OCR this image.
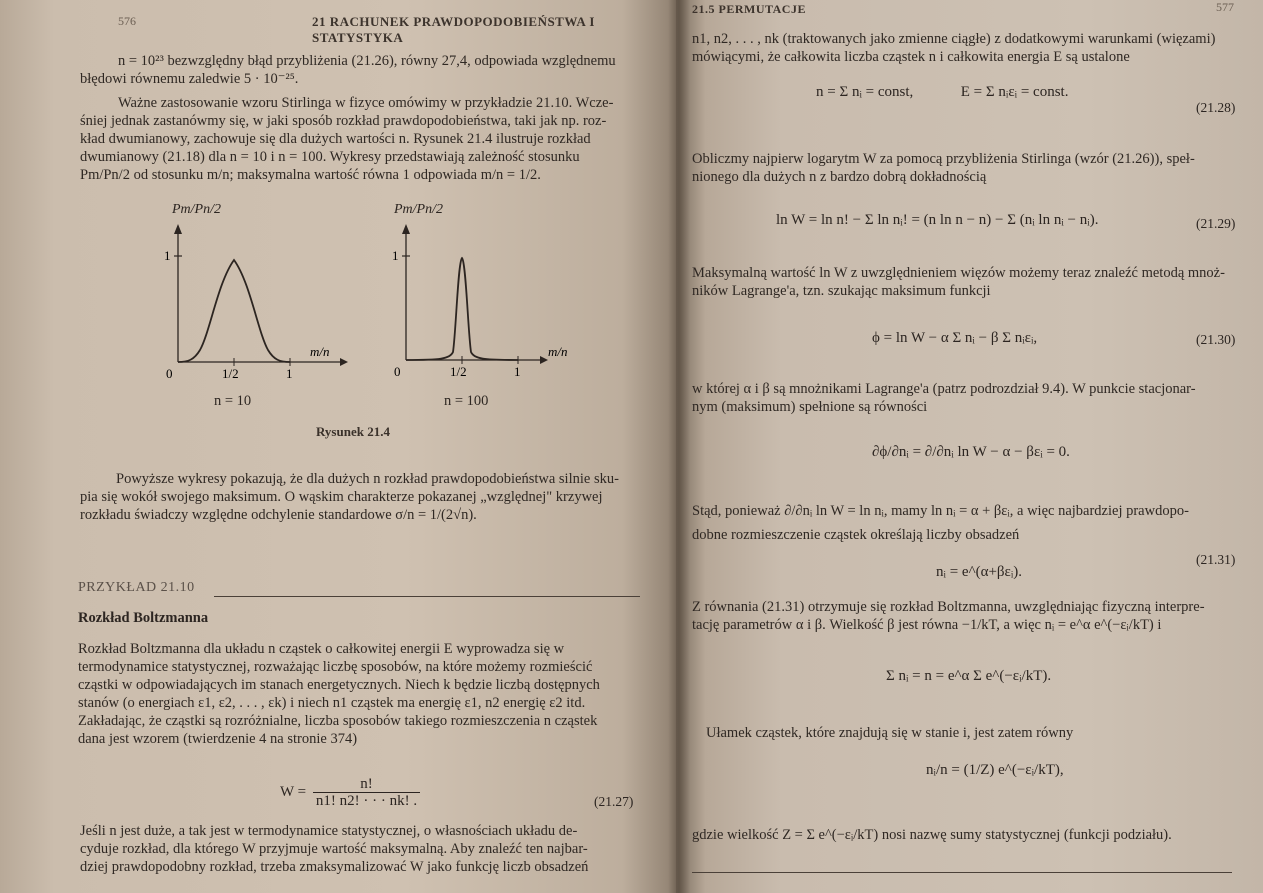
576	21 RACHUNEK PRAWDOPODOBIEŃSTWA I STATYSTYKA
n = 10²³ bezwzględny błąd przybliżenia (21.26), równy 27,4, odpowiada względnemu
błędowi równemu zaledwie 5 · 10⁻²⁵.
Ważne zastosowanie wzoru Stirlinga w fizyce omówimy w przykładzie 21.10. Wcze-
śniej jednak zastanówmy się, w jaki sposób rozkład prawdopodobieństwa, taki jak np. roz-
kład dwumianowy, zachowuje się dla dużych wartości n. Rysunek 21.4 ilustruje rozkład
dwumianowy (21.18) dla n = 10 i n = 100. Wykresy przedstawiają zależność stosunku
Pm/Pn/2 od stosunku m/n; maksymalna wartość równa 1 odpowiada m/n = 1/2.
Pm/Pn/2	Pm/Pn/2
1
0	1/2	1
m/n
1
0	1/2	1
m/n
n = 10	n = 100
Rysunek 21.4
Powyższe wykresy pokazują, że dla dużych n rozkład prawdopodobieństwa silnie sku-
pia się wokół swojego maksimum. O wąskim charakterze pokazanej „względnej" krzywej
rozkładu świadczy względne odchylenie standardowe σ/n = 1/(2√n).
PRZYKŁAD 21.10
Rozkład Boltzmanna
Rozkład Boltzmanna dla układu n cząstek o całkowitej energii E wyprowadza się w
termodynamice statystycznej, rozważając liczbę sposobów, na które możemy rozmieścić
cząstki w odpowiadających im stanach energetycznych. Niech k będzie liczbą dostępnych
stanów (o energiach ε1, ε2, . . . , εk) i niech n1 cząstek ma energię ε1, n2 energię ε2 itd.
Zakładając, że cząstki są rozróżnialne, liczba sposobów takiego rozmieszczenia n cząstek
dana jest wzorem (twierdzenie 4 na stronie 374)
$W = \frac{n!}{n1! n2! \cdot \cdot \cdot nk! .}$	(21.27)
Jeśli n jest duże, a tak jest w termodynamice statystycznej, o własnościach układu de-
cyduje rozkład, dla którego W przyjmuje wartość maksymalną. Aby znaleźć ten najbar-
dziej prawdopodobny rozkład, trzeba zmaksymalizować W jako funkcję liczb obsadzeń
21.5 PERMUTACJE	577
n1, n2, . . . , nk (traktowanych jako zmienne ciągłe) z dodatkowymi warunkami (więzami)
mówiącymi, że całkowita liczba cząstek n i całkowita energia E są ustalone
n = Σ nᵢ = const,	E = Σ nᵢεᵢ = const.
(21.28)
Obliczmy najpierw logarytm W za pomocą przybliżenia Stirlinga (wzór (21.26)), speł-
nionego dla dużych n z bardzo dobrą dokładnością
ln W = ln n! − Σ ln nᵢ! = (n ln n − n) − Σ (nᵢ ln nᵢ − nᵢ).	(21.29)
Maksymalną wartość ln W z uwzględnieniem więzów możemy teraz znaleźć metodą mnoż-
ników Lagrange'a, tzn. szukając maksimum funkcji
ϕ = ln W − α Σ nᵢ − β Σ nᵢεᵢ,	(21.30)
w której α i β są mnożnikami Lagrange'a (patrz podrozdział 9.4). W punkcie stacjonar-
nym (maksimum) spełnione są równości
∂ϕ/∂nᵢ = ∂/∂nᵢ ln W − α − βεᵢ = 0.
Stąd, ponieważ ∂/∂nᵢ ln W = ln nᵢ, mamy ln nᵢ = α + βεᵢ, a więc najbardziej prawdopo-
dobne rozmieszczenie cząstek określają liczby obsadzeń
nᵢ = e^(α+βεᵢ).
(21.31)
Z równania (21.31) otrzymuje się rozkład Boltzmanna, uwzględniając fizyczną interpre-
tację parametrów α i β. Wielkość β jest równa −1/kT, a więc nᵢ = e^α e^(−εᵢ/kT) i
Σ nᵢ = n = e^α Σ e^(−εᵢ/kT).
Ułamek cząstek, które znajdują się w stanie i, jest zatem równy
nᵢ/n = (1/Z) e^(−εᵢ/kT),
gdzie wielkość Z = Σ e^(−εᵢ/kT) nosi nazwę sumy statystycznej (funkcji podziału).
